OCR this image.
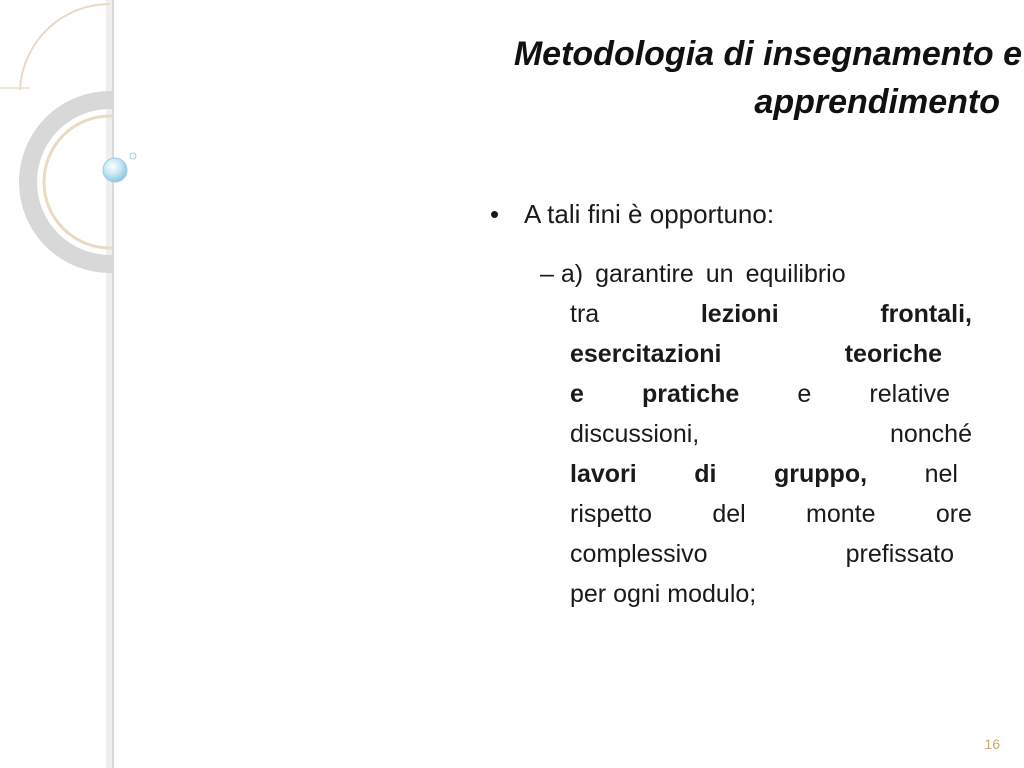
Metodologia di insegnamento e
apprendimento
• A tali fini è opportuno:
– a) garantire un equilibrio
tra	lezioni	frontali,
esercitazioni	teoriche
e pratiche e relative
discussioni,	nonché
lavori di gruppo, nel
rispetto del monte ore
complessivo	prefissato
per ogni modulo;
16
